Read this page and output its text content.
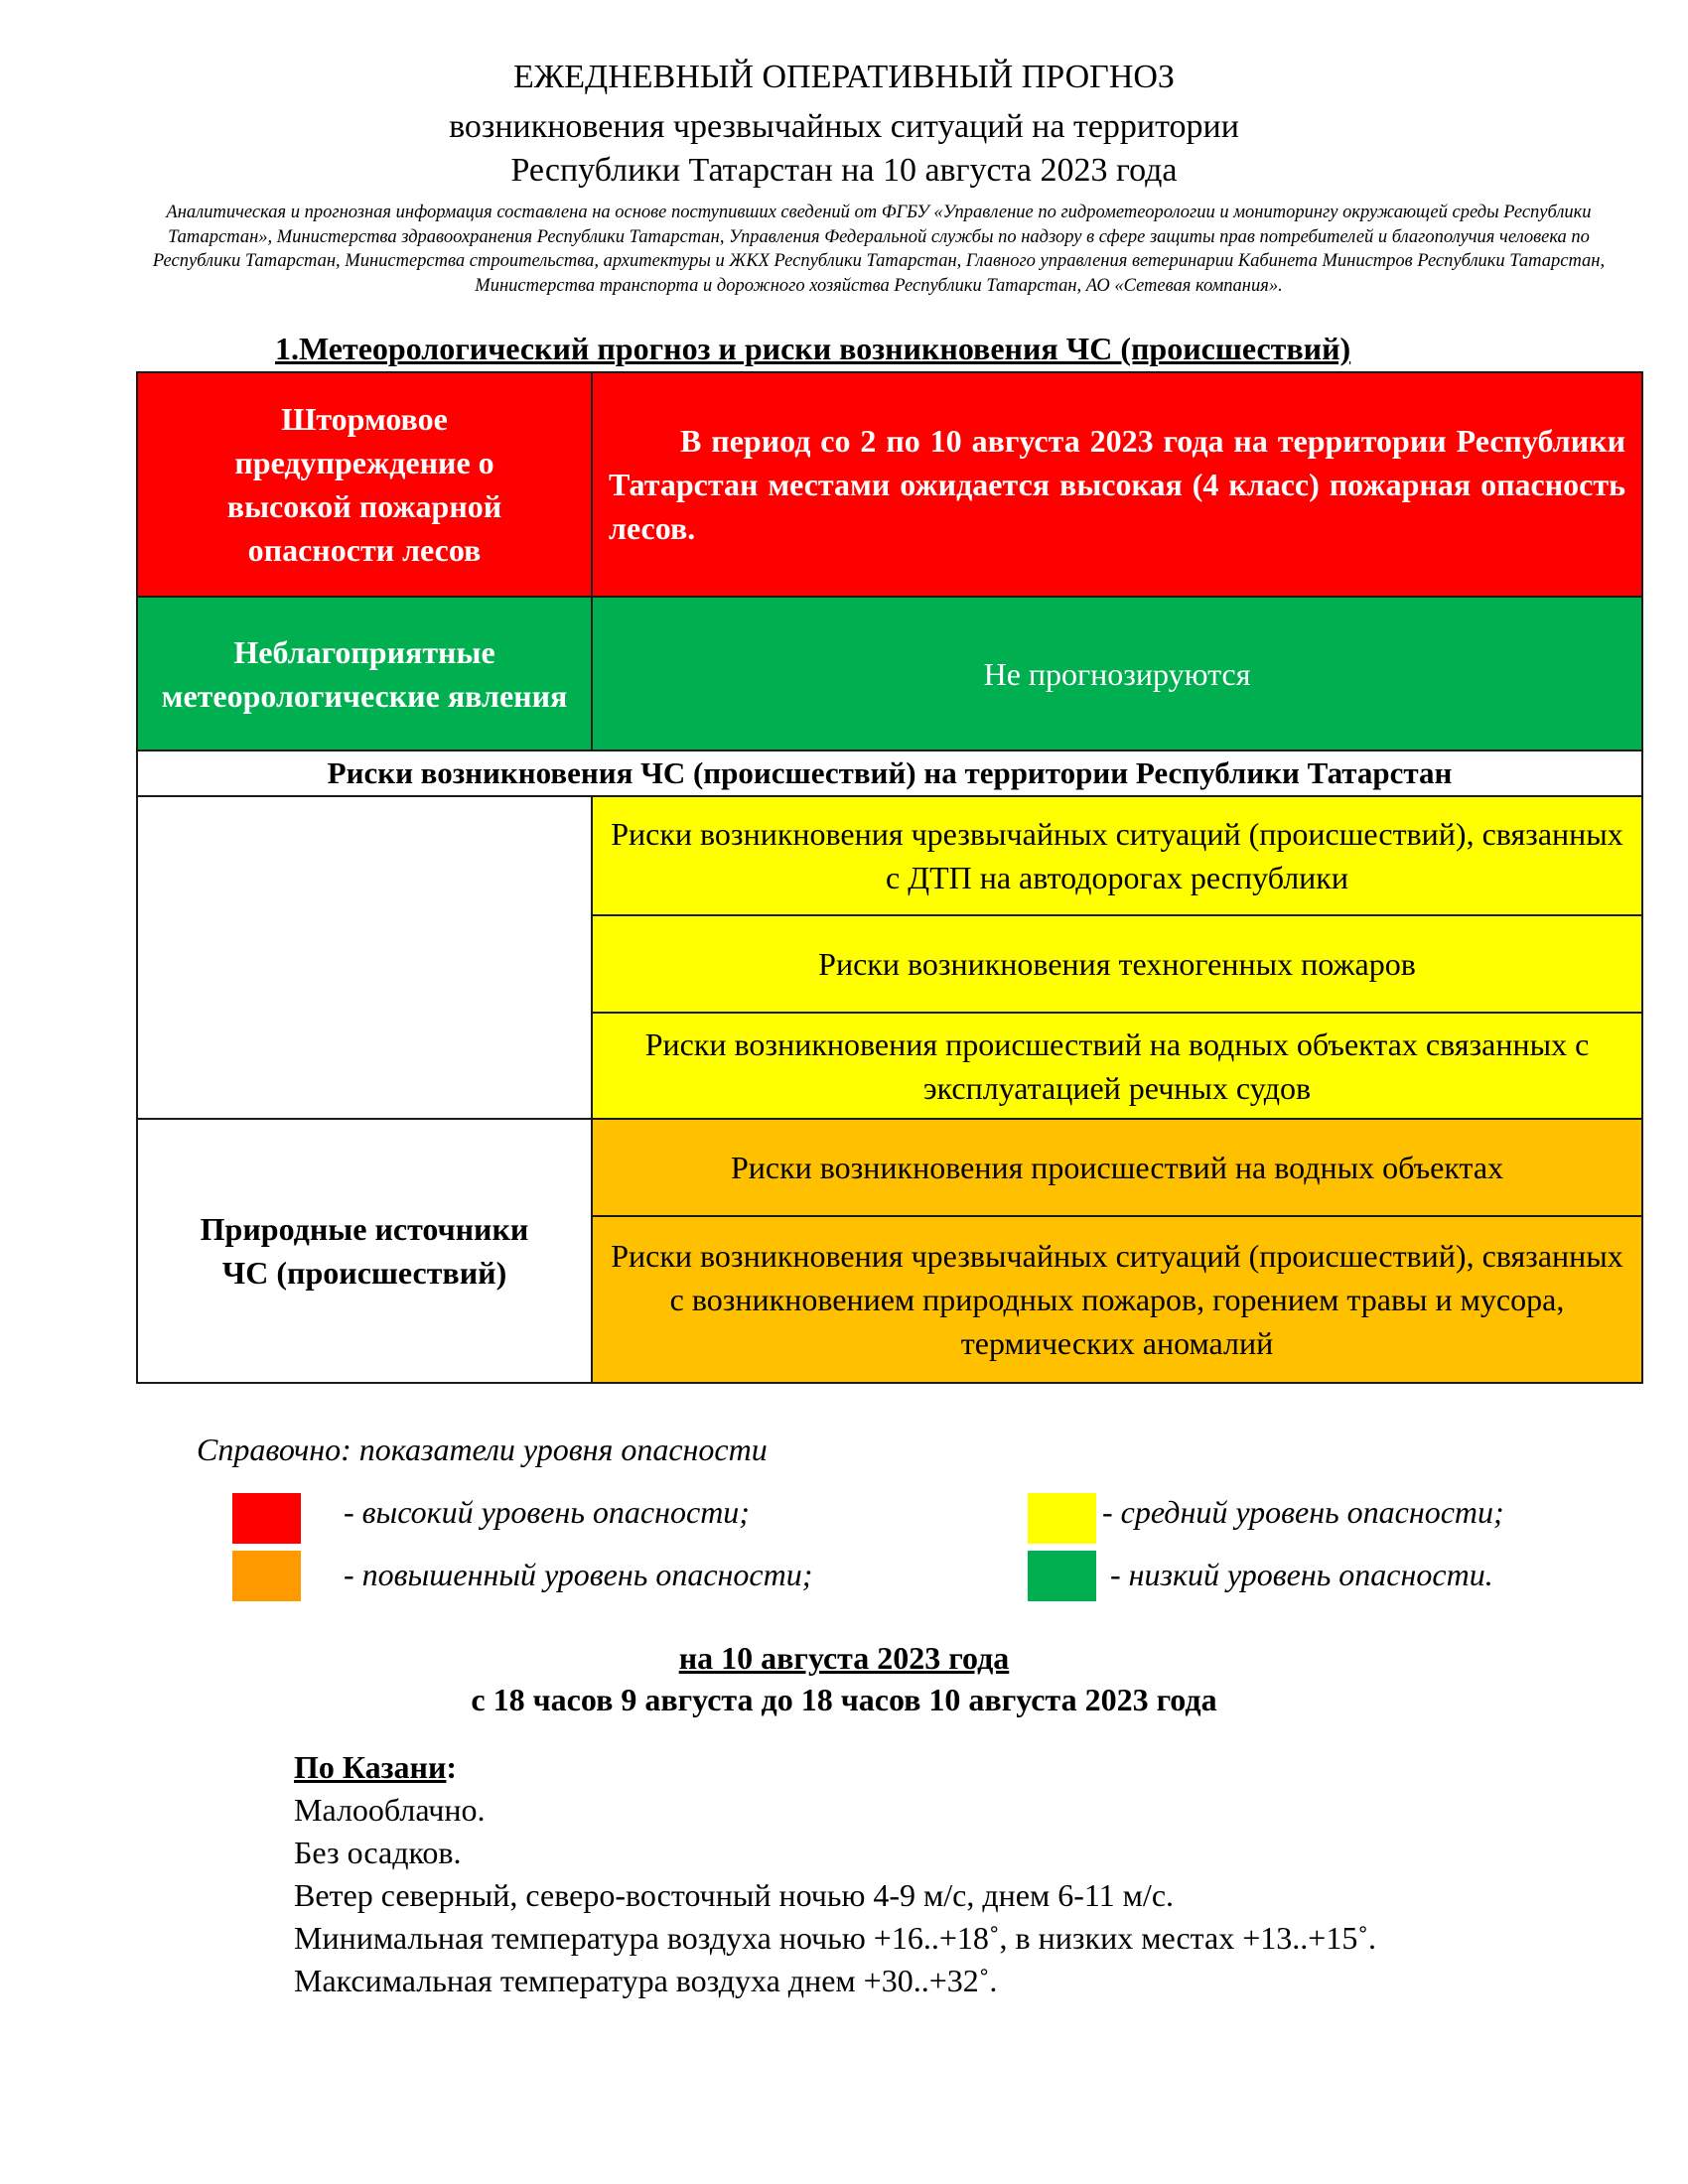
ЕЖЕДНЕВНЫЙ ОПЕРАТИВНЫЙ ПРОГНОЗ
возникновения чрезвычайных ситуаций на территории
Республики Татарстан на 10 августа 2023 года

Аналитическая и прогнозная информация составлена на основе поступивших сведений от ФГБУ «Управление по гидрометеорологии и мониторингу окружающей среды Республики Татарстан», Министерства здравоохранения Республики Татарстан, Управления Федеральной службы по надзору в сфере защиты прав потребителей и благополучия человека по Республики Татарстан, Министерства строительства, архитектуры и ЖКХ Республики Татарстан, Главного управления ветеринарии Кабинета Министров Республики Татарстан, Министерства транспорта и дорожного хозяйства Республики Татарстан, АО «Сетевая компания».

1.Метеорологический прогноз и риски возникновения ЧС (происшествий)
Штормовое предупреждение о высокой пожарной опасности лесов	В период со 2 по 10 августа 2023 года на территории Республики Татарстан местами ожидается высокая (4 класс) пожарная опасность лесов.

Неблагоприятные метеорологические явления	Не прогнозируются
Риски возникновения ЧС (происшествий) на территории Республики Татарстан	
	Риски возникновения чрезвычайных ситуаций (происшествий), связанных с ДТП на автодорогах республики
	Риски возникновения техногенных пожаров
	Риски возникновения происшествий на водных объектах связанных с эксплуатацией речных судов
Природные источники ЧС (происшествий)	Риски возникновения происшествий на водных объектах
	Риски возникновения чрезвычайных ситуаций (происшествий), связанных с возникновением природных пожаров, горением травы и мусора, термических аномалий
Справочно: показатели уровня опасности
- высокий уровень опасности;	- средний уровень опасности;
- повышенный уровень опасности;	- низкий уровень опасности.
на 10 августа 2023 года
с 18 часов 9 августа до 18 часов 10 августа 2023 года
По Казани:
Малооблачно.
Без осадков.
Ветер северный, северо-восточный ночью 4-9 м/с, днем 6-11 м/с.
Минимальная температура воздуха ночью +16..+18˚, в низких местах +13..+15˚.
Максимальная температура воздуха днем +30..+32˚.
